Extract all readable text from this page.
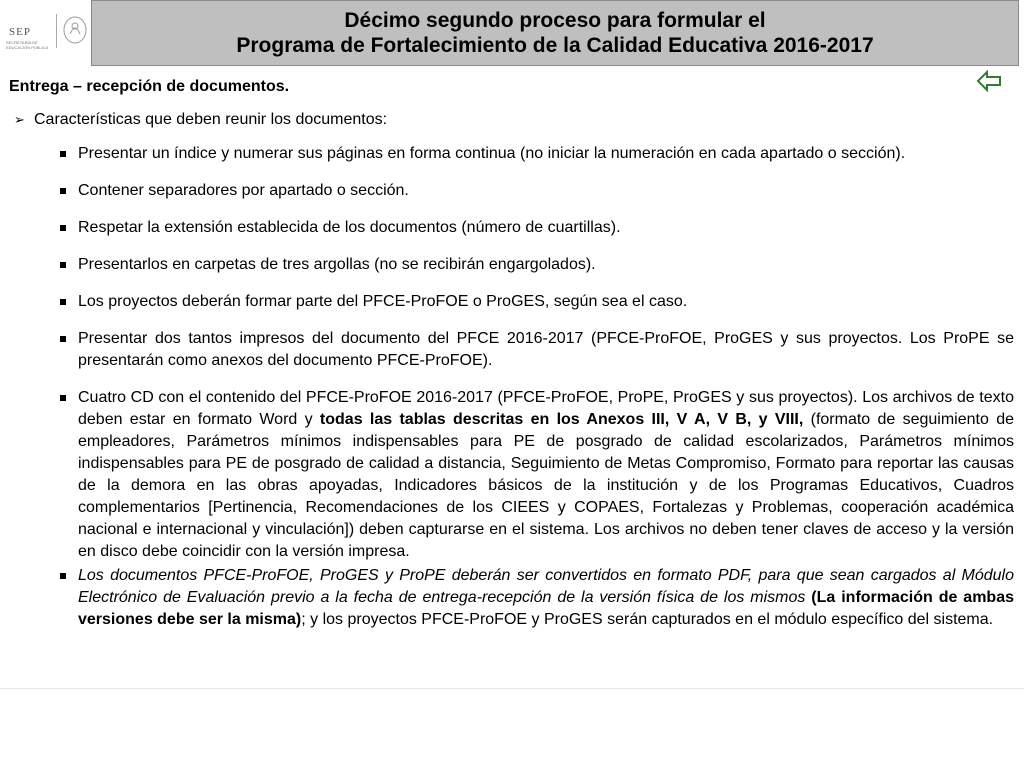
SEP
SECRETARÍA DE EDUCACIÓN PÚBLICA
Décimo segundo proceso para formular el
Programa de Fortalecimiento de la Calidad Educativa 2016-2017
Entrega – recepción de documentos.
➢ Características que deben reunir los documentos:
Presentar un índice y numerar sus páginas en forma continua (no iniciar la numeración en cada apartado o sección).
Contener separadores por apartado o sección.
Respetar la extensión establecida de los documentos (número de cuartillas).
Presentarlos en carpetas de tres argollas (no se recibirán engargolados).
Los proyectos deberán formar parte del PFCE-ProFOE o ProGES, según sea el caso.
Presentar dos tantos impresos del documento del PFCE 2016-2017 (PFCE-ProFOE, ProGES y sus proyectos. Los ProPE se presentarán como anexos del documento PFCE-ProFOE).
Cuatro CD con el contenido del PFCE-ProFOE 2016-2017 (PFCE-ProFOE, ProPE, ProGES y sus proyectos). Los archivos de texto deben estar en formato Word y todas las tablas descritas en los Anexos III, V A, V B, y VIII, (formato de seguimiento de empleadores, Parámetros mínimos indispensables para PE de posgrado de calidad escolarizados, Parámetros mínimos indispensables para PE de posgrado de calidad a distancia, Seguimiento de Metas Compromiso, Formato para reportar las causas de la demora en las obras apoyadas, Indicadores básicos de la institución y de los Programas Educativos, Cuadros complementarios [Pertinencia, Recomendaciones de los CIEES y COPAES, Fortalezas y Problemas, cooperación académica nacional e internacional y vinculación]) deben capturarse en el sistema. Los archivos no deben tener claves de acceso y la versión en disco debe coincidir con la versión impresa.
Los documentos PFCE-ProFOE, ProGES y ProPE deberán ser convertidos en formato PDF, para que sean cargados al Módulo Electrónico de Evaluación previo a la fecha de entrega-recepción de la versión física de los mismos (La información de ambas versiones debe ser la misma); y los proyectos PFCE-ProFOE y ProGES serán capturados en el módulo específico del sistema.
